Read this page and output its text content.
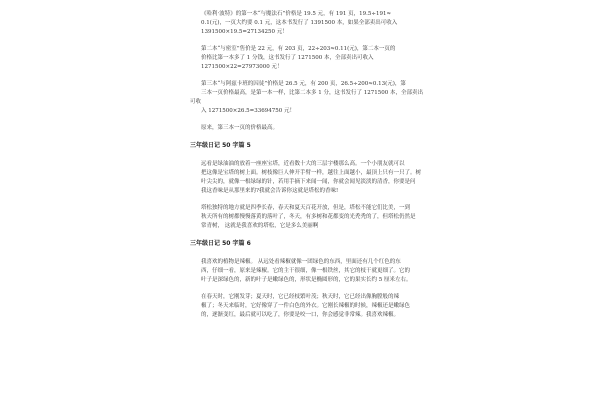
《哈利·波特》的第一本“与魔法石”价格是 19.5 元，有 191 页，19.5÷191≈
0.1(元)，一页大约要 0.1 元，这本书发行了 1391500 本，如果全部卖出可收入
1391500×19.5=27134250 元！

第二本“与密室”售价是 22 元，有 203 页，22÷203≈0.11(元)，第二本一页的
价格比第一本多了 1 分钱，这书发行了 1271500 本，全部卖出可收入
1271500×22=27973000 元！

第三本“与阿兹卡班的囚徒”价格是 26.5 元，有 200 页，26.5÷200≈0.13(元)，第
三本一页价格最高，是第一本一样，比第二本多 1 分，这书发行了 1271500 本，全部卖出可收
入 1271500×26.5=33694750 元！

原来，第三本一页的价格最高。

三年级日记 50 字篇 5

远看是绿油油的放着一座座宝塔，近看数十大的三层宇楼那么高。一个小朋友就可以
把这像是宝塔的树上面。树枝像巨人伸开手臂一样，越往上面越小，最顶上只有一只了。树
叶尖尖的，就像一根绿绿的针，若用手摘下来闻一闻，你就会闻见淡淡的清香，你要是问
我这香味是从那里来的?我就会告诉你这就是塔松的香味!

塔松独特的地方就是四季长春，春天和夏天百花开放，但是，塔松不能它们比美，一到
秋天所有的树都慢慢落黄的落叶了，冬天，有多树和花都变的光秃秃的了，但塔松仍然是
常青树， 这就是我喜欢的塔松，它是多么美丽啊

三年级日记 50 字篇 6

我喜欢的植物是辣椒。 从远处看辣椒就像一团绿色的东西，里面还有几个红色的东
西，仔细一看，原来是辣椒。它的主干很细，像一根铁丝，其它的枝干就更细了。它的
叶子是深绿色的，新的叶子是嫩绿色的，形状是椭圆形的，它的果实长约 5 厘米左右。

在春天时，它刚发芽；夏天时，它已经枝繁叶茂；秋天时，它已经出像胸膛般的辣
椒了；冬天来临时，它好像穿了一件白色的外衣。它刚长辣椒的时候，辣椒还是嫩绿色
的，逐渐变红，最后就可以吃了，你要是咬一口，你会感觉非常辣。我喜欢辣椒。
